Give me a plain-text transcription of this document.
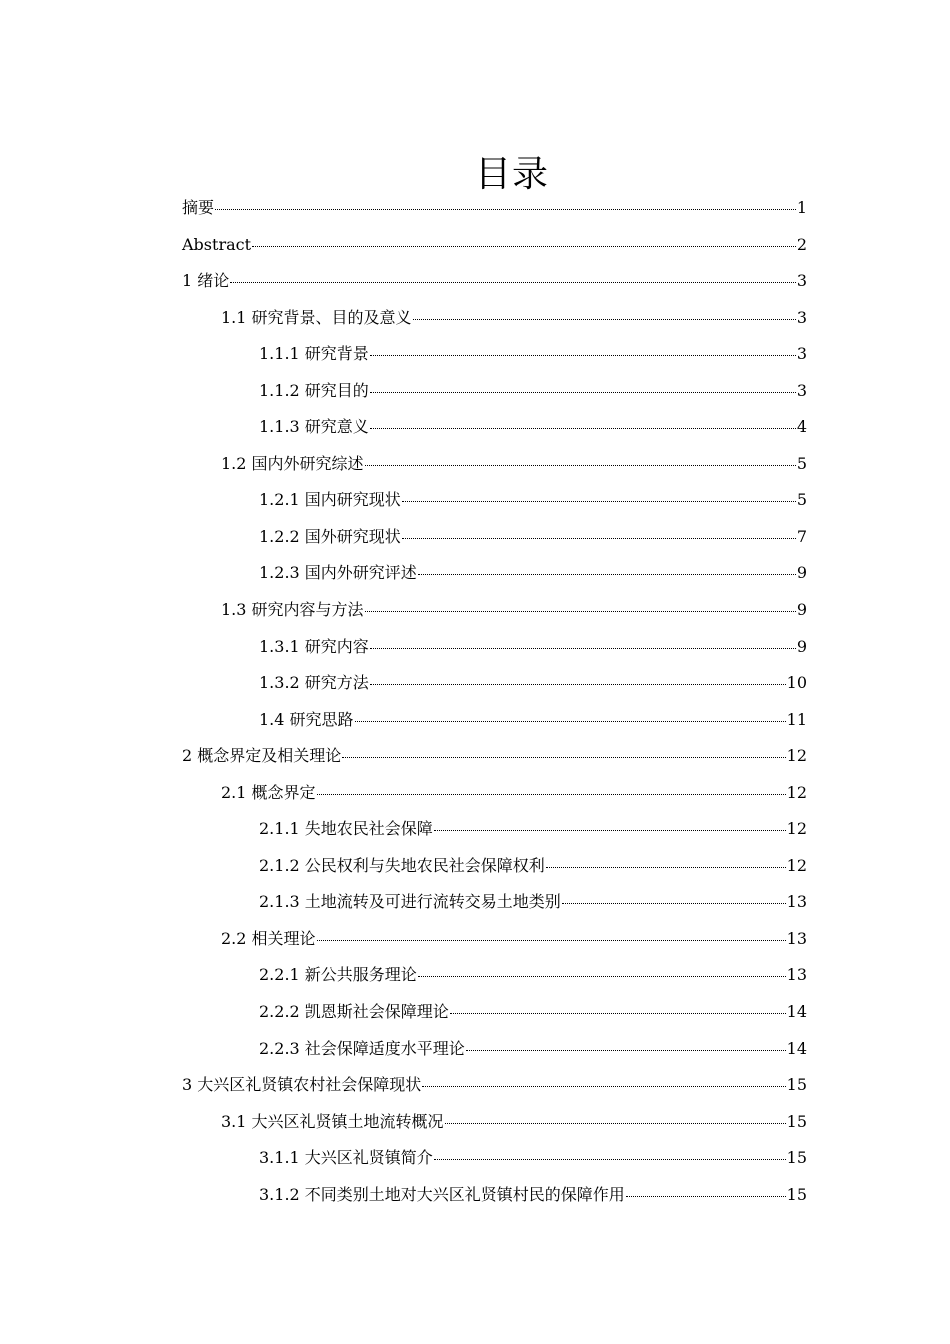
目录
摘要	1
Abstract	2
1 绪论	3
1.1 研究背景、目的及意义	3
1.1.1 研究背景	3
1.1.2 研究目的	3
1.1.3 研究意义	4
1.2 国内外研究综述	5
1.2.1 国内研究现状	5
1.2.2 国外研究现状	7
1.2.3 国内外研究评述	9
1.3 研究内容与方法	9
1.3.1 研究内容	9
1.3.2 研究方法	10
1.4 研究思路	11
2 概念界定及相关理论	12
2.1 概念界定	12
2.1.1 失地农民社会保障	12
2.1.2 公民权利与失地农民社会保障权利	12
2.1.3 土地流转及可进行流转交易土地类别	13
2.2 相关理论	13
2.2.1 新公共服务理论	13
2.2.2 凯恩斯社会保障理论	14
2.2.3 社会保障适度水平理论	14
3 大兴区礼贤镇农村社会保障现状	15
3.1 大兴区礼贤镇土地流转概况	15
3.1.1 大兴区礼贤镇简介	15
3.1.2 不同类别土地对大兴区礼贤镇村民的保障作用	15
